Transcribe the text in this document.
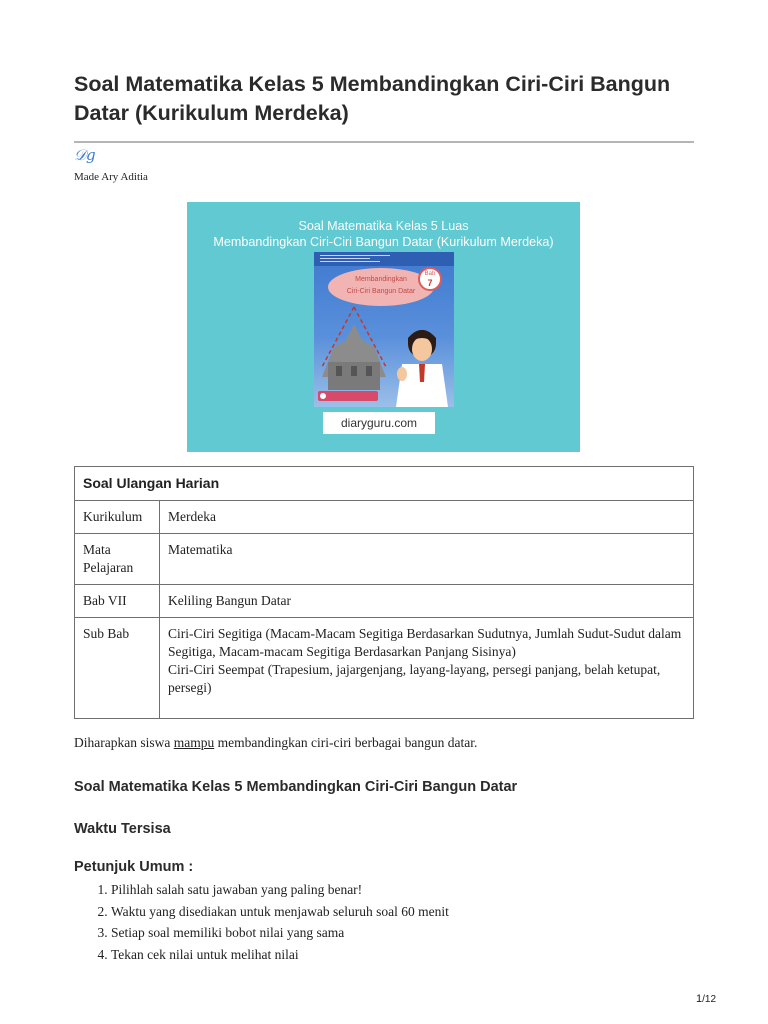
Soal Matematika Kelas 5 Membandingkan Ciri-Ciri Bangun Datar (Kurikulum Merdeka)
𝒟g
Made Ary Aditia
Soal Matematika Kelas 5 Luas
Membandingkan Ciri-Ciri Bangun Datar (Kurikulum Merdeka)
Membandingkan
Ciri-Ciri Bangun Datar
Bab
7
diaryguru.com
Soal Ulangan Harian	
Kurikulum	Merdeka
Mata Pelajaran	Matematika
Bab VII	Keliling Bangun Datar
Sub Bab	Ciri-Ciri Segitiga (Macam-Macam Segitiga Berdasarkan Sudutnya, Jumlah Sudut-Sudut dalam Segitiga, Macam-macam Segitiga Berdasarkan Panjang Sisinya)
Ciri-Ciri Seempat (Trapesium, jajargenjang, layang-layang, persegi panjang, belah ketupat, persegi)
Diharapkan siswa mampu membandingkan ciri-ciri berbagai bangun datar.
Soal Matematika Kelas 5 Membandingkan Ciri-Ciri Bangun Datar
Waktu Tersisa
Petunjuk Umum :
1. Pilihlah salah satu jawaban yang paling benar!
2. Waktu yang disediakan untuk menjawab seluruh soal 60 menit
3. Setiap soal memiliki bobot nilai yang sama
4. Tekan cek nilai untuk melihat nilai
1/12
